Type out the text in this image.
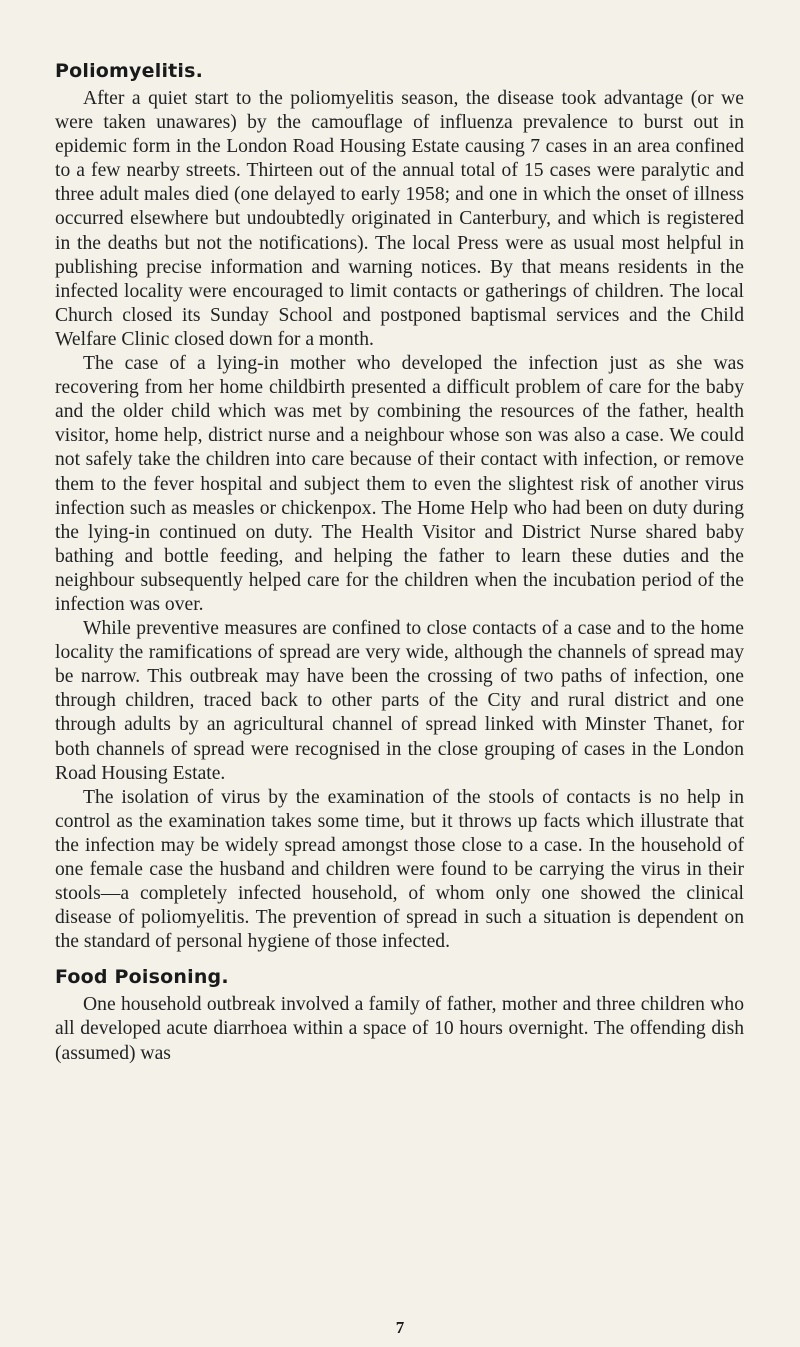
Poliomyelitis.

After a quiet start to the poliomyelitis season, the disease took advantage (or we were taken unawares) by the camouflage of influenza prevalence to burst out in epidemic form in the London Road Housing Estate causing 7 cases in an area confined to a few nearby streets. Thirteen out of the annual total of 15 cases were paralytic and three adult males died (one delayed to early 1958; and one in which the onset of illness occurred elsewhere but undoubtedly originated in Canterbury, and which is registered in the deaths but not the notifications). The local Press were as usual most helpful in publishing precise information and warning notices. By that means residents in the infected locality were encouraged to limit contacts or gatherings of children. The local Church closed its Sunday School and postponed baptismal services and the Child Welfare Clinic closed down for a month.

The case of a lying-in mother who developed the infection just as she was recovering from her home childbirth presented a difficult problem of care for the baby and the older child which was met by combining the resources of the father, health visitor, home help, district nurse and a neighbour whose son was also a case. We could not safely take the children into care because of their contact with infection, or remove them to the fever hospital and subject them to even the slightest risk of another virus infection such as measles or chickenpox. The Home Help who had been on duty during the lying-in continued on duty. The Health Visitor and District Nurse shared baby bathing and bottle feeding, and helping the father to learn these duties and the neighbour subsequently helped care for the children when the incubation period of the infection was over.

While preventive measures are confined to close contacts of a case and to the home locality the ramifications of spread are very wide, although the channels of spread may be narrow. This outbreak may have been the crossing of two paths of infection, one through children, traced back to other parts of the City and rural district and one through adults by an agricultural channel of spread linked with Minster Thanet, for both channels of spread were recognised in the close grouping of cases in the London Road Housing Estate.

The isolation of virus by the examination of the stools of contacts is no help in control as the examination takes some time, but it throws up facts which illustrate that the infection may be widely spread amongst those close to a case. In the household of one female case the husband and children were found to be carrying the virus in their stools—a completely infected household, of whom only one showed the clinical disease of poliomyelitis. The prevention of spread in such a situation is dependent on the standard of personal hygiene of those infected.

Food Poisoning.

One household outbreak involved a family of father, mother and three children who all developed acute diarrhoea within a space of 10 hours overnight. The offending dish (assumed) was

7
